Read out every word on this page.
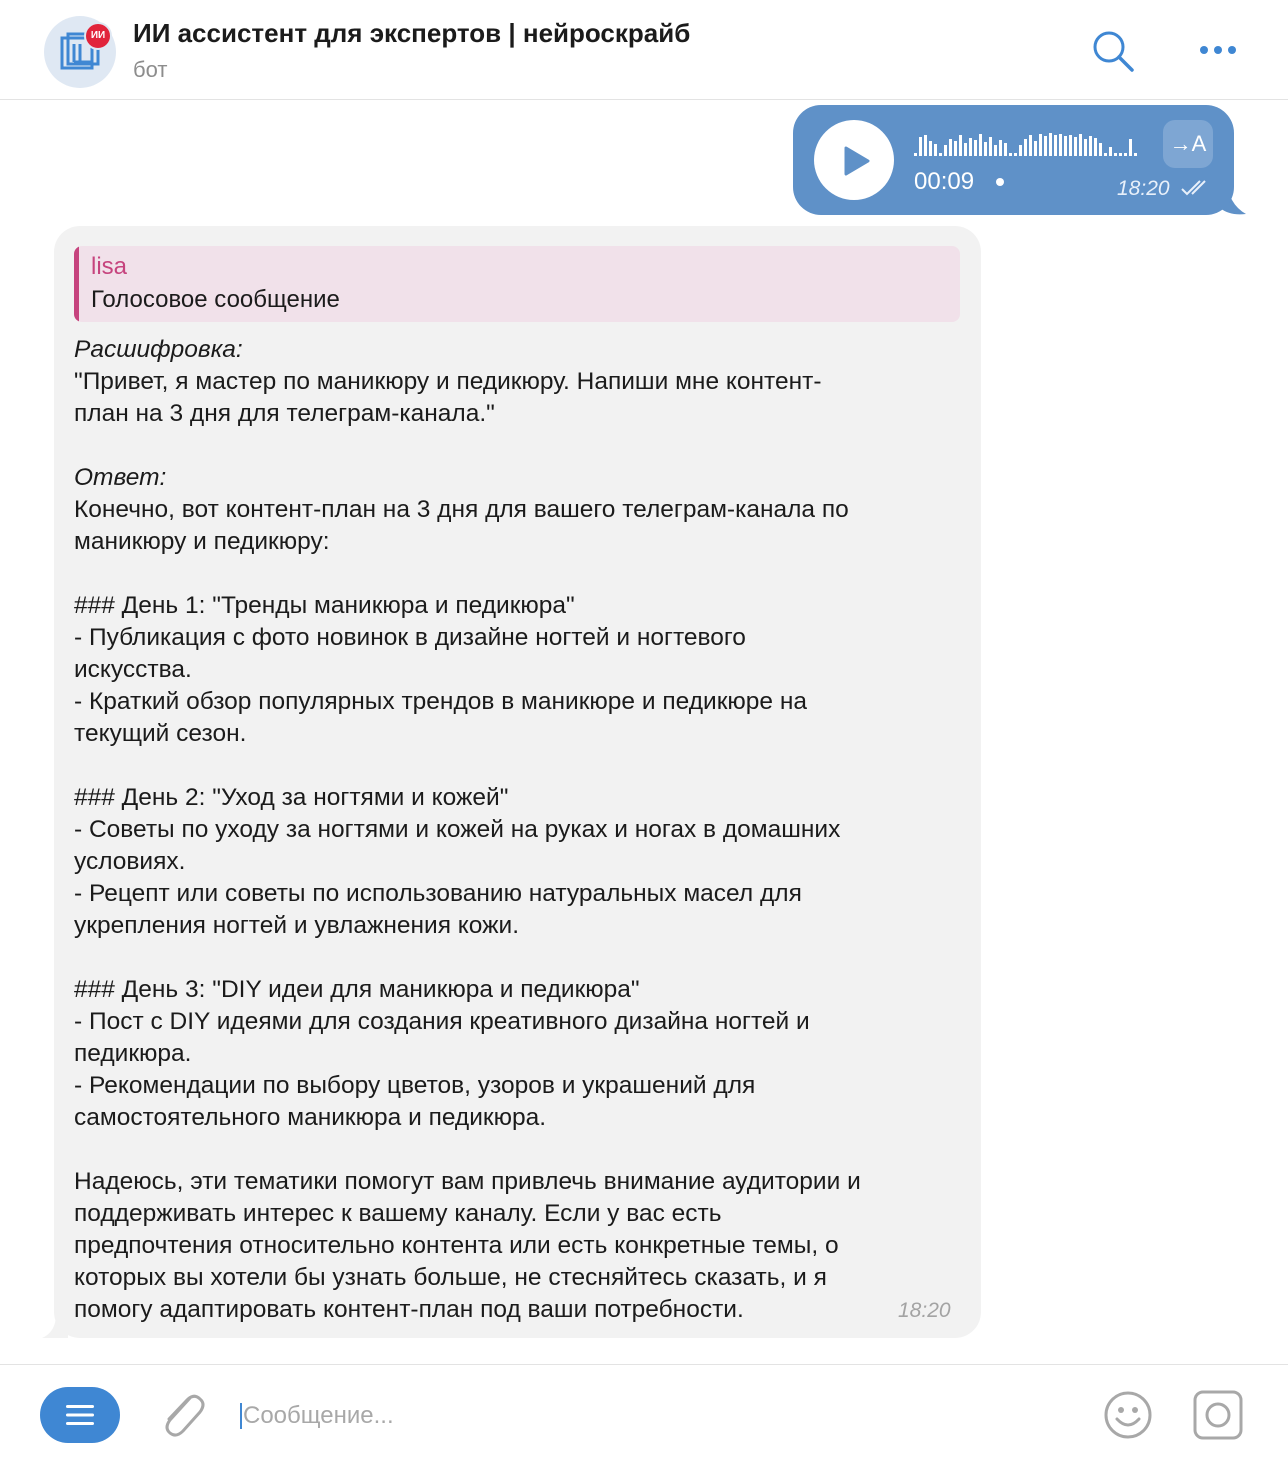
ИИ ИИ ассистент для экспертов | нейроскрайб
бот
00:09
→A
18:20
lisa
Голосовое сообщение

Расшифровка:

"Привет, я мастер по маникюру и педикюру. Напиши мне контент-

план на 3 дня для телеграм-канала."

Ответ:

Конечно, вот контент-план на 3 дня для вашего телеграм-канала по

маникюру и педикюру:

### День 1: "Тренды маникюра и педикюра"

- Публикация с фото новинок в дизайне ногтей и ногтевого

искусства.

- Краткий обзор популярных трендов в маникюре и педикюре на

текущий сезон.

### День 2: "Уход за ногтями и кожей"

- Советы по уходу за ногтями и кожей на руках и ногах в домашних

условиях.

- Рецепт или советы по использованию натуральных масел для

укрепления ногтей и увлажнения кожи.

### День 3: "DIY идеи для маникюра и педикюра"

- Пост с DIY идеями для создания креативного дизайна ногтей и

педикюра.

- Рекомендации по выбору цветов, узоров и украшений для

самостоятельного маникюра и педикюра.

Надеюсь, эти тематики помогут вам привлечь внимание аудитории и

поддерживать интерес к вашему каналу. Если у вас есть

предпочтения относительно контента или есть конкретные темы, о

которых вы хотели бы узнать больше, не стесняйтесь сказать, и я

помогу адаптировать контент-план под ваши потребности.	18:20
Сообщение...
